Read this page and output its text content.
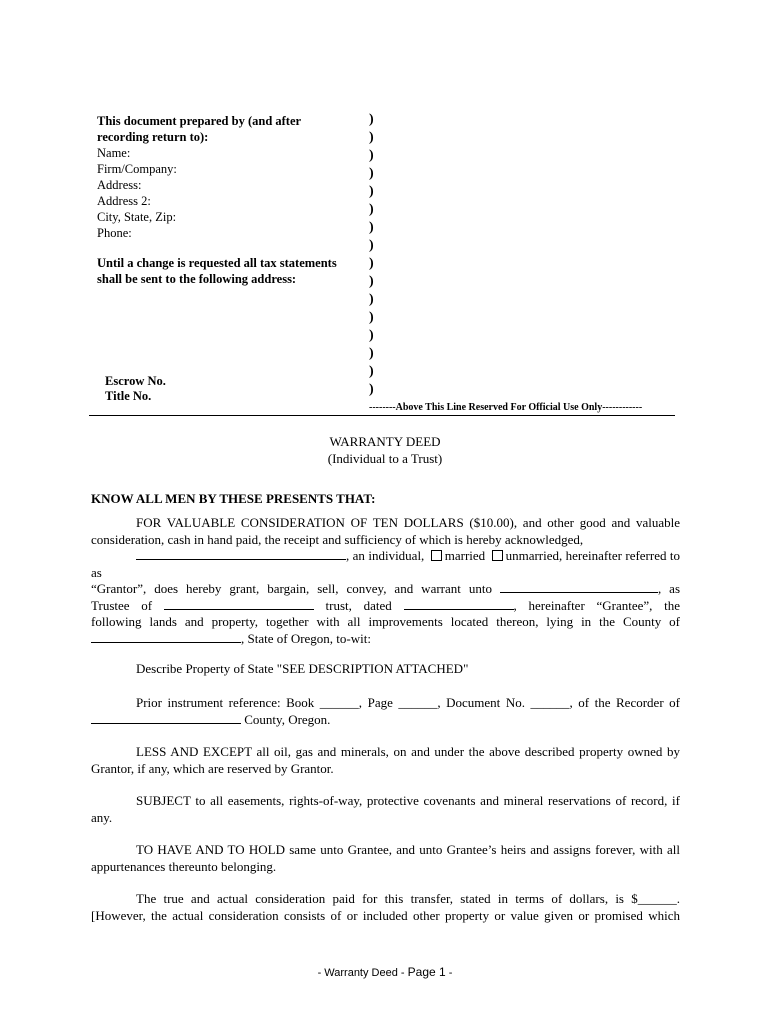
This document prepared by (and after
recording return to):
Name:
Firm/Company:
Address:
Address 2:
City, State, Zip:
Phone:
Until a change is requested all tax statements
shall be sent to the following address:
Escrow No.
Title No.
)
)
)
)
)
)
)
)
)
)
)
)
)
)
)
)
--------Above This Line Reserved For Official Use Only------------
WARRANTY DEED
(Individual to a Trust)
KNOW ALL MEN BY THESE PRESENTS THAT:
FOR VALUABLE CONSIDERATION OF TEN DOLLARS ($10.00), and other good and valuable consideration, cash in hand paid, the receipt and sufficiency of which is hereby acknowledged,
, an individual, married unmarried, hereinafter referred to as
“Grantor”, does hereby grant, bargain, sell, convey, and warrant unto	, as
Trustee of	trust, dated	, hereinafter “Grantee”, the
following lands and property, together with all improvements located thereon, lying in the County of
, State of Oregon, to-wit:
Describe Property of State "SEE DESCRIPTION ATTACHED"
Prior instrument reference: Book ______, Page ______, Document No. ______, of the Recorder of
County, Oregon.
LESS AND EXCEPT all oil, gas and minerals, on and under the above described property owned by Grantor, if any, which are reserved by Grantor.
SUBJECT to all easements, rights-of-way, protective covenants and mineral reservations of record, if any.
TO HAVE AND TO HOLD same unto Grantee, and unto Grantee’s heirs and assigns forever, with all appurtenances thereunto belonging.
The true and actual consideration paid for this transfer, stated in terms of dollars, is $______.
[However, the actual consideration consists of or included other property or value given or promised which
- Warranty Deed - Page 1 -
